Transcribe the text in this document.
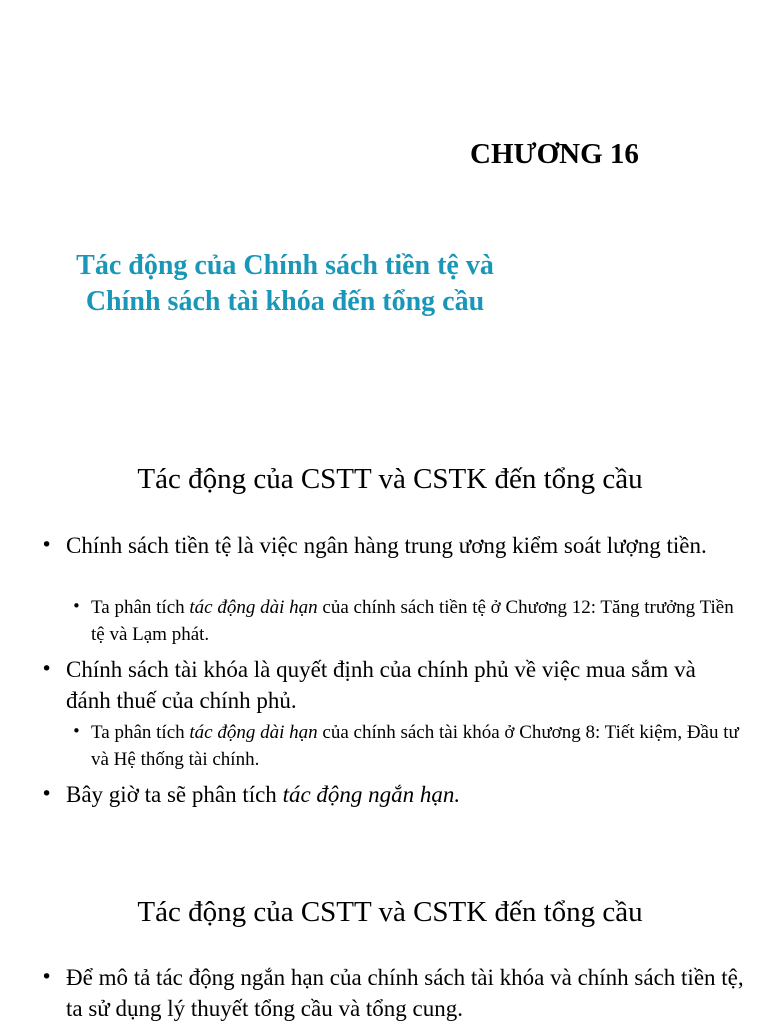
CHƯƠNG 16
Tác động của Chính sách tiền tệ và
Chính sách tài khóa đến tổng cầu
Tác động của CSTT và CSTK đến tổng cầu
• Chính sách tiền tệ là việc ngân hàng trung ương kiểm soát lượng tiền.
• Ta phân tích tác động dài hạn của chính sách tiền tệ ở Chương 12: Tăng trưởng Tiền tệ và Lạm phát.
• Chính sách tài khóa là quyết định của chính phủ về việc mua sắm và đánh thuế của chính phủ.
• Ta phân tích tác động dài hạn của chính sách tài khóa ở Chương 8: Tiết kiệm, Đầu tư và Hệ thống tài chính.
• Bây giờ ta sẽ phân tích tác động ngắn hạn.
Tác động của CSTT và CSTK đến tổng cầu
• Để mô tả tác động ngắn hạn của chính sách tài khóa và chính sách tiền tệ, ta sử dụng lý thuyết tổng cầu và tổng cung.
